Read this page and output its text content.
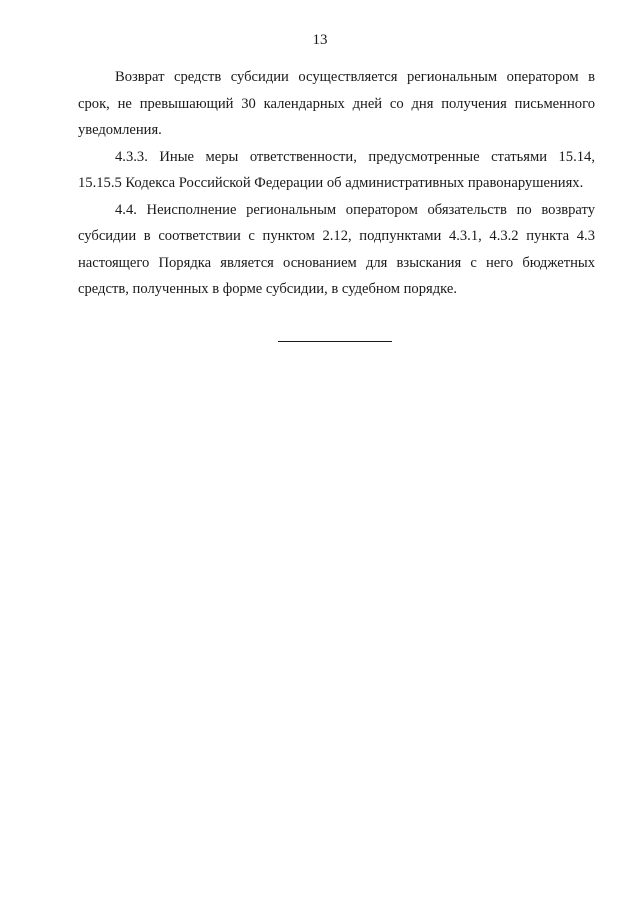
13

Возврат средств субсидии осуществляется региональным оператором в срок, не превышающий 30 календарных дней со дня получения письменного уведомления.

4.3.3. Иные меры ответственности, предусмотренные статьями 15.14, 15.15.5 Кодекса Российской Федерации об административных правонарушениях.

4.4. Неисполнение региональным оператором обязательств по возврату субсидии в соответствии с пунктом 2.12, подпунктами 4.3.1, 4.3.2 пункта 4.3 настоящего Порядка является основанием для взыскания с него бюджетных средств, полученных в форме субсидии, в судебном порядке.
